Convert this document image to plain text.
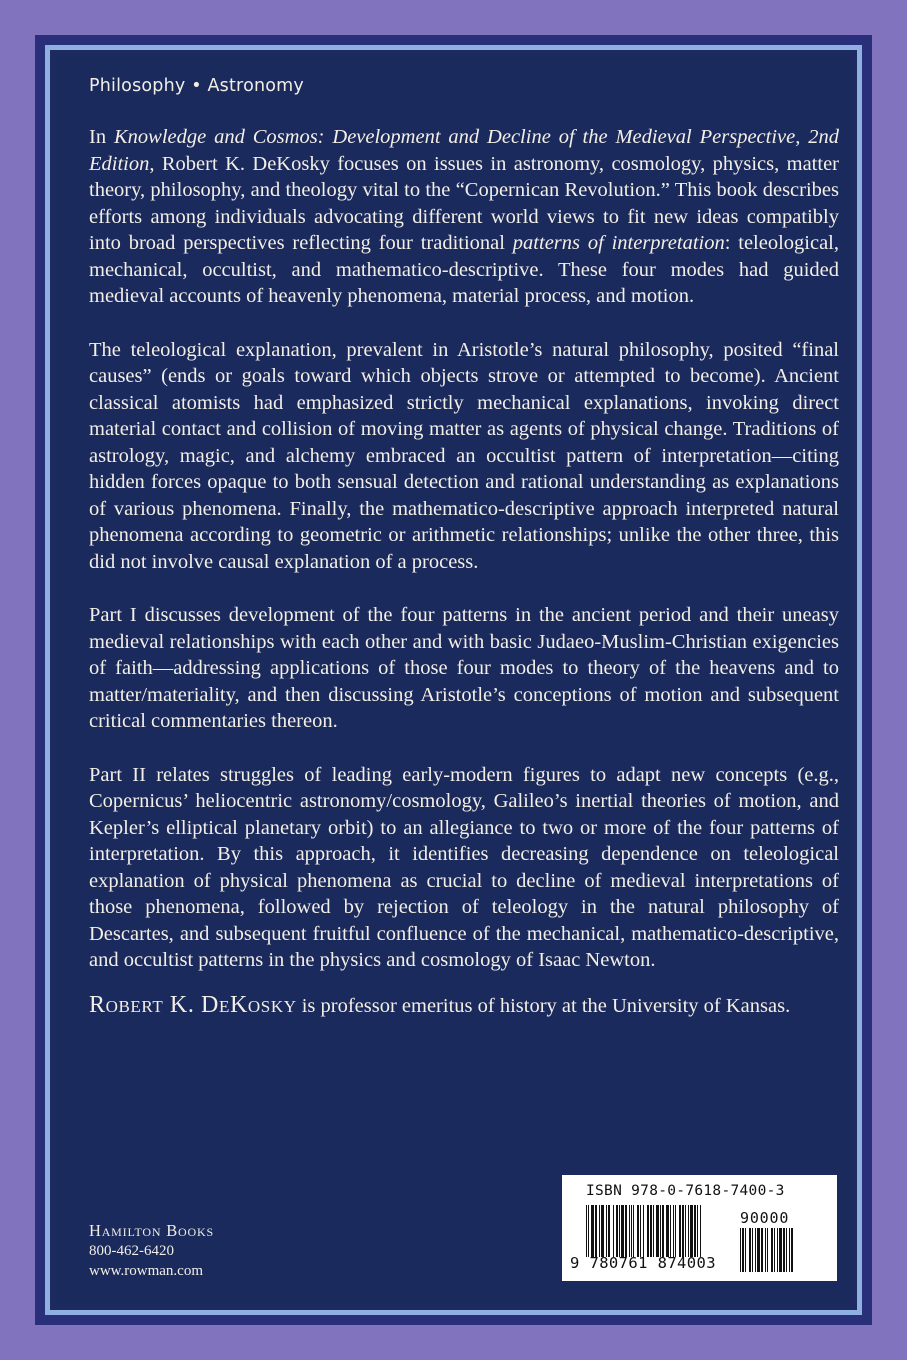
Philosophy • Astronomy

In Knowledge and Cosmos: Development and Decline of the Medieval Perspective, 2nd Edition, Robert K. DeKosky focuses on issues in astronomy, cosmology, physics, matter theory, philosophy, and theology vital to the “Copernican Revolution.” This book describes efforts among individuals advocating different world views to fit new ideas compatibly into broad perspectives reflecting four traditional patterns of interpretation: teleological, mechanical, occultist, and mathematico-descriptive. These four modes had guided medieval accounts of heavenly phenomena, material process, and motion.

The teleological explanation, prevalent in Aristotle’s natural philosophy, posited “final causes” (ends or goals toward which objects strove or attempted to become). Ancient classical atomists had emphasized strictly mechanical explanations, invoking direct material contact and collision of moving matter as agents of physical change. Traditions of astrology, magic, and alchemy embraced an occultist pattern of interpretation—citing hidden forces opaque to both sensual detection and rational understanding as explanations of various phenomena. Finally, the mathematico-descriptive approach interpreted natural phenomena according to geometric or arithmetic relationships; unlike the other three, this did not involve causal explanation of a process.

Part I discusses development of the four patterns in the ancient period and their uneasy medieval relationships with each other and with basic Judaeo-Muslim-Christian exigencies of faith—addressing applications of those four modes to theory of the heavens and to matter/materiality, and then discussing Aristotle’s conceptions of motion and subsequent critical commentaries thereon.

Part II relates struggles of leading early-modern figures to adapt new concepts (e.g., Copernicus’ heliocentric astronomy/cosmology, Galileo’s inertial theories of motion, and Kepler’s elliptical planetary orbit) to an allegiance to two or more of the four patterns of interpretation. By this approach, it identifies decreasing dependence on teleological explanation of physical phenomena as crucial to decline of medieval interpretations of those phenomena, followed by rejection of teleology in the natural philosophy of Descartes, and subsequent fruitful confluence of the mechanical, mathematico-descriptive, and occultist patterns in the physics and cosmology of Isaac Newton.

Robert K. DeKosky is professor emeritus of history at the University of Kansas.

Hamilton Books
800-462-6420
www.rowman.com
ISBN 978-0-7618-7400-3
90000
9 780761 874003
